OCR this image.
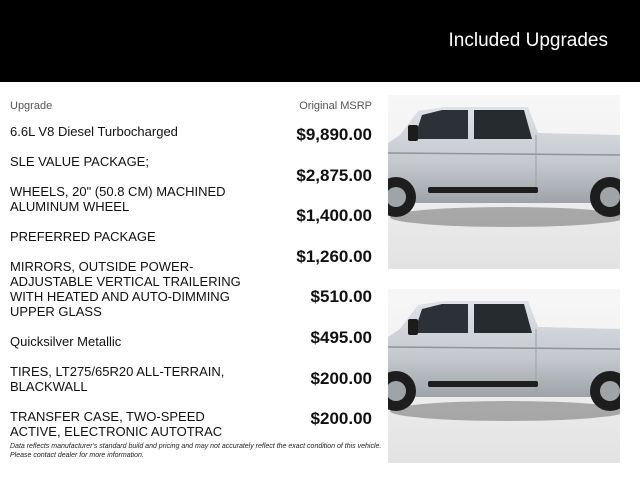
Included Upgrades
Upgrade	Original MSRP
6.6L V8 Diesel Turbocharged
SLE VALUE PACKAGE;
WHEELS, 20" (50.8 CM) MACHINED ALUMINUM WHEEL
PREFERRED PACKAGE
MIRRORS, OUTSIDE POWER-ADJUSTABLE VERTICAL TRAILERING WITH HEATED AND AUTO-DIMMING UPPER GLASS
Quicksilver Metallic
TIRES, LT275/65R20 ALL-TERRAIN, BLACKWALL
TRANSFER CASE, TWO-SPEED ACTIVE, ELECTRONIC AUTOTRAC
$9,890.00
$2,875.00
$1,400.00
$1,260.00
$510.00
$495.00
$200.00
$200.00
Data reflects manufacturer's standard build and pricing and may not accurately reflect the exact condition of this vehicle. Please contact dealer for more information.
